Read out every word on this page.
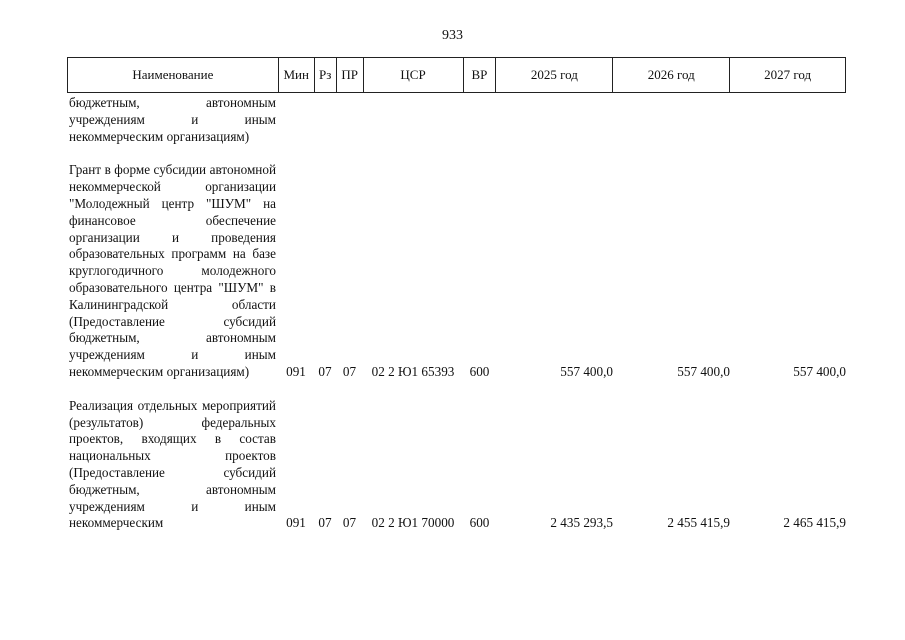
933
Наименование	Мин Рз ПР	ЦСР	ВР	2025 год	2026 год	2027 год
бюджетным, автономным учреждениям и иным некоммерческим организациям)
Грант в форме субсидии автономной некоммерческой организации "Молодежный центр "ШУМ" на финансовое обеспечение организации и проведения образовательных программ на базе круглогодичного молодежного образовательного центра "ШУМ" в Калининградской области (Предоставление субсидий бюджетным, автономным учреждениям и иным некоммерческим организациям)	091 07 07	02 2 Ю1 65393	600	557 400,0	557 400,0	557 400,0
Реализация отдельных мероприятий (результатов) федеральных проектов, входящих в состав национальных проектов (Предоставление субсидий бюджетным, автономным учреждениям и иным некоммерческим	091 07 07	02 2 Ю1 70000	600	2 435 293,5	2 455 415,9	2 465 415,9
